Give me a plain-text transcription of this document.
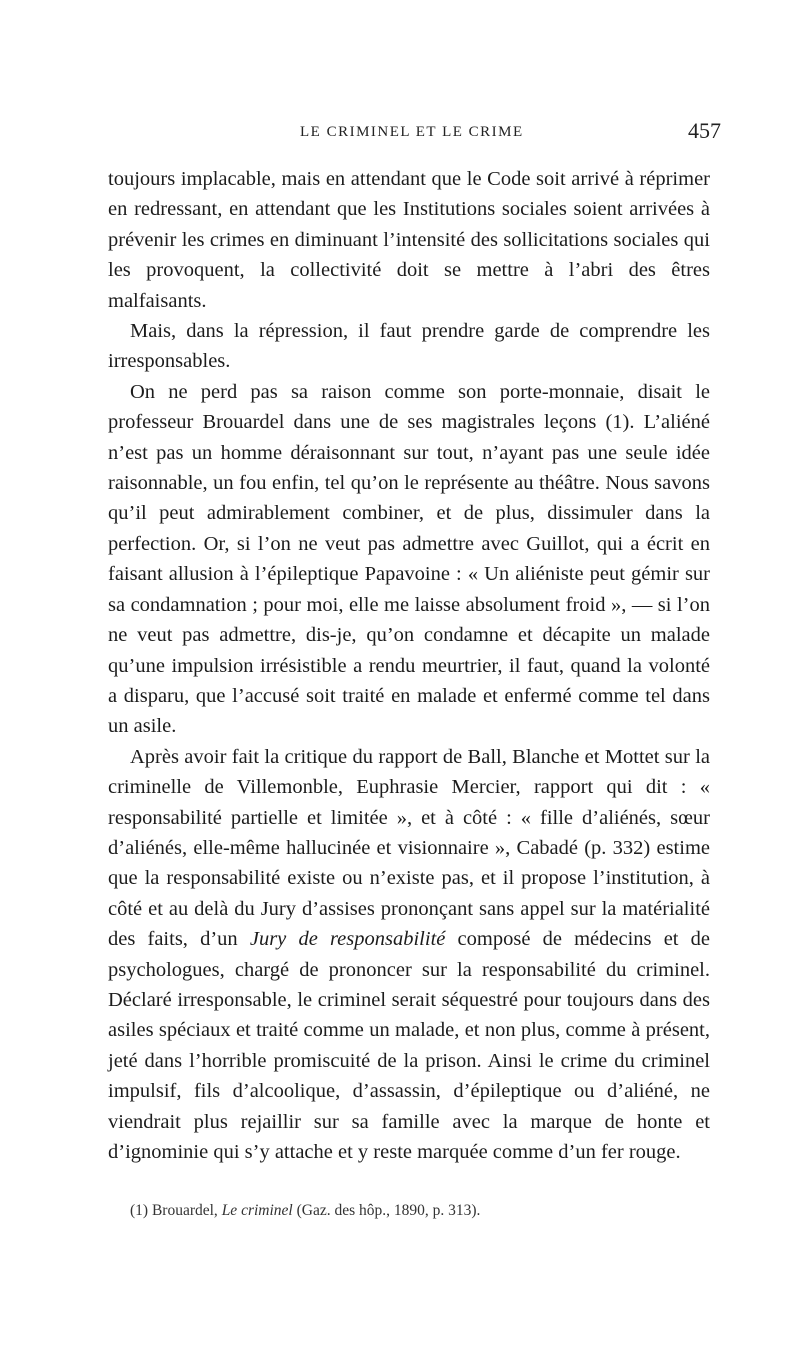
LE CRIMINEL ET LE CRIME	457

toujours implacable, mais en attendant que le Code soit arrivé à réprimer en redressant, en attendant que les Institutions sociales soient arrivées à prévenir les crimes en diminuant l’intensité des sollicitations sociales qui les provoquent, la collectivité doit se mettre à l’abri des êtres malfaisants.

Mais, dans la répression, il faut prendre garde de comprendre les irresponsables.

On ne perd pas sa raison comme son porte-monnaie, disait le professeur Brouardel dans une de ses magistrales leçons (1). L’aliéné n’est pas un homme déraisonnant sur tout, n’ayant pas une seule idée raisonnable, un fou enfin, tel qu’on le représente au théâtre. Nous savons qu’il peut admirablement combiner, et de plus, dissimuler dans la perfection. Or, si l’on ne veut pas admettre avec Guillot, qui a écrit en faisant allusion à l’épileptique Papavoine : « Un aliéniste peut gémir sur sa condamnation ; pour moi, elle me laisse absolument froid », — si l’on ne veut pas admettre, dis-je, qu’on condamne et décapite un malade qu’une impulsion irrésistible a rendu meurtrier, il faut, quand la volonté a disparu, que l’accusé soit traité en malade et enfermé comme tel dans un asile.

Après avoir fait la critique du rapport de Ball, Blanche et Mottet sur la criminelle de Villemonble, Euphrasie Mercier, rapport qui dit : « responsabilité partielle et limitée », et à côté : « fille d’aliénés, sœur d’aliénés, elle-même hallucinée et visionnaire », Cabadé (p. 332) estime que la responsabilité existe ou n’existe pas, et il propose l’institution, à côté et au delà du Jury d’assises prononçant sans appel sur la matérialité des faits, d’un Jury de responsabilité composé de médecins et de psychologues, chargé de prononcer sur la responsabilité du criminel. Déclaré irresponsable, le criminel serait séquestré pour toujours dans des asiles spéciaux et traité comme un malade, et non plus, comme à présent, jeté dans l’horrible promiscuité de la prison. Ainsi le crime du criminel impulsif, fils d’alcoolique, d’assassin, d’épileptique ou d’aliéné, ne viendrait plus rejaillir sur sa famille avec la marque de honte et d’ignominie qui s’y attache et y reste marquée comme d’un fer rouge.

(1) Brouardel, Le criminel (Gaz. des hôp., 1890, p. 313).
